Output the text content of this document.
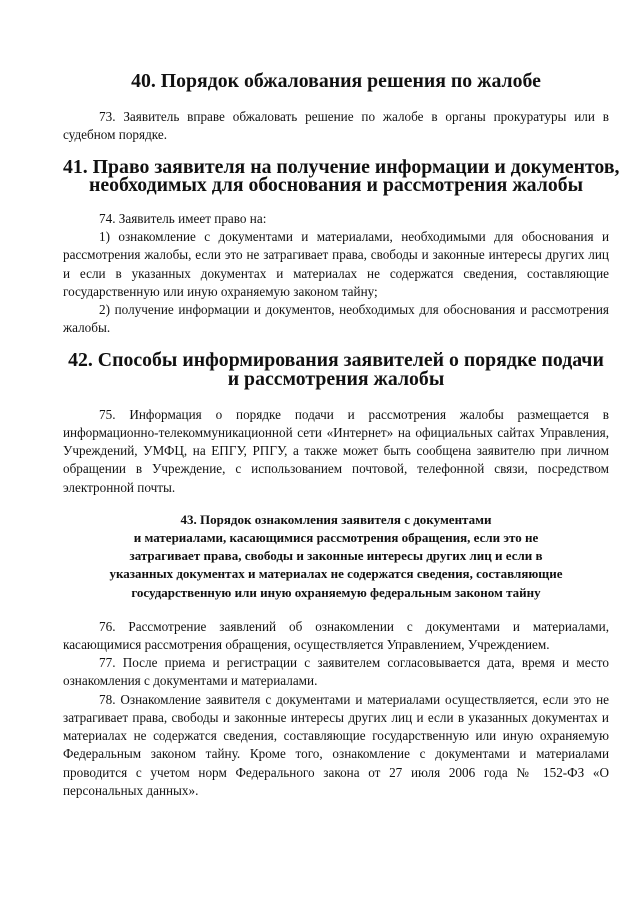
40. Порядок обжалования решения по жалобе

73. Заявитель вправе обжаловать решение по жалобе в органы прокуратуры или в судебном порядке.

41. Право заявителя на получение информации и документов,
необходимых для обоснования и рассмотрения жалобы

74. Заявитель имеет право на:

1) ознакомление с документами и материалами, необходимыми для обоснования и рассмотрения жалобы, если это не затрагивает права, свободы и законные интересы других лиц и если в указанных документах и материалах не содержатся сведения, составляющие государственную или иную охраняемую законом тайну;

2) получение информации и документов, необходимых для обоснования и рассмотрения жалобы.

42. Способы информирования заявителей о порядке подачи
и рассмотрения жалобы

75. Информация о порядке подачи и рассмотрения жалобы размещается в информационно-телекоммуникационной сети «Интернет» на официальных сайтах Управления, Учреждений, УМФЦ, на ЕПГУ, РПГУ, а также может быть сообщена заявителю при личном обращении в Учреждение, с использованием почтовой, телефонной связи, посредством электронной почты.

43. Порядок ознакомления заявителя с документами
и материалами, касающимися рассмотрения обращения, если это не
затрагивает права, свободы и законные интересы других лиц и если в
указанных документах и материалах не содержатся сведения, составляющие
государственную или иную охраняемую федеральным законом тайну

76. Рассмотрение заявлений об ознакомлении с документами и материалами, касающимися рассмотрения обращения, осуществляется Управлением, Учреждением.

77. После приема и регистрации с заявителем согласовывается дата, время и место ознакомления с документами и материалами.

78. Ознакомление заявителя с документами и материалами осуществляется, если это не затрагивает права, свободы и законные интересы других лиц и если в указанных документах и материалах не содержатся сведения, составляющие государственную или иную охраняемую Федеральным законом тайну. Кроме того, ознакомление с документами и материалами проводится с учетом норм Федерального закона от 27 июля 2006 года № 152-ФЗ «О персональных данных».
